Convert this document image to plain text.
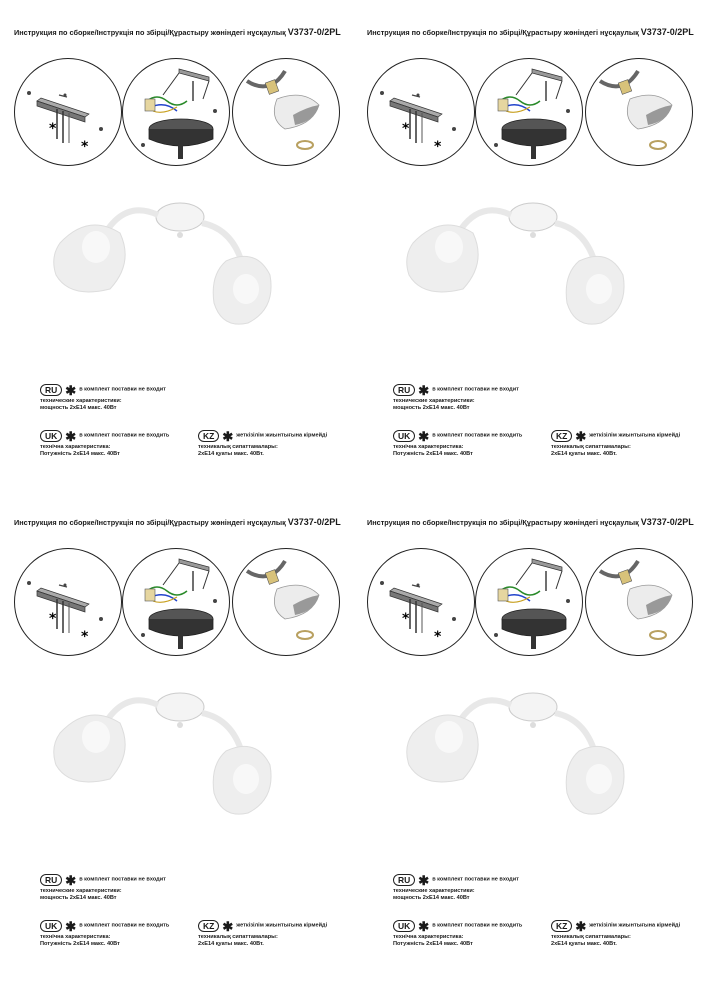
Инструкция по сборке/Інструкція по збірці/Құрастыру жөніндегі нұсқаулық V3737-0/2PL
*
*
RU ✱ в комплект поставки не входит
технические характеристики:
мощность 2хЕ14 макс. 40Вт
UK ✱ в комплект поставки не входить
технічна характеристика:
Потужність 2хЕ14 макс. 40Вт
KZ ✱ жеткізілім жиынтығына кірмейді
техникалық сипаттамалары:
2хЕ14 қуаты макс. 40Вт.
Инструкция по сборке/Інструкція по збірці/Құрастыру жөніндегі нұсқаулық V3737-0/2PL
*
*
RU ✱ в комплект поставки не входит
технические характеристики:
мощность 2хЕ14 макс. 40Вт
UK ✱ в комплект поставки не входить
технічна характеристика:
Потужність 2хЕ14 макс. 40Вт
KZ ✱ жеткізілім жиынтығына кірмейді
техникалық сипаттамалары:
2хЕ14 қуаты макс. 40Вт.
Инструкция по сборке/Інструкція по збірці/Құрастыру жөніндегі нұсқаулық V3737-0/2PL
*
*
RU ✱ в комплект поставки не входит
технические характеристики:
мощность 2хЕ14 макс. 40Вт
UK ✱ в комплект поставки не входить
технічна характеристика:
Потужність 2хЕ14 макс. 40Вт
KZ ✱ жеткізілім жиынтығына кірмейді
техникалық сипаттамалары:
2хЕ14 қуаты макс. 40Вт.
Инструкция по сборке/Інструкція по збірці/Құрастыру жөніндегі нұсқаулық V3737-0/2PL
*
*
RU ✱ в комплект поставки не входит
технические характеристики:
мощность 2хЕ14 макс. 40Вт
UK ✱ в комплект поставки не входить
технічна характеристика:
Потужність 2хЕ14 макс. 40Вт
KZ ✱ жеткізілім жиынтығына кірмейді
техникалық сипаттамалары:
2хЕ14 қуаты макс. 40Вт.
